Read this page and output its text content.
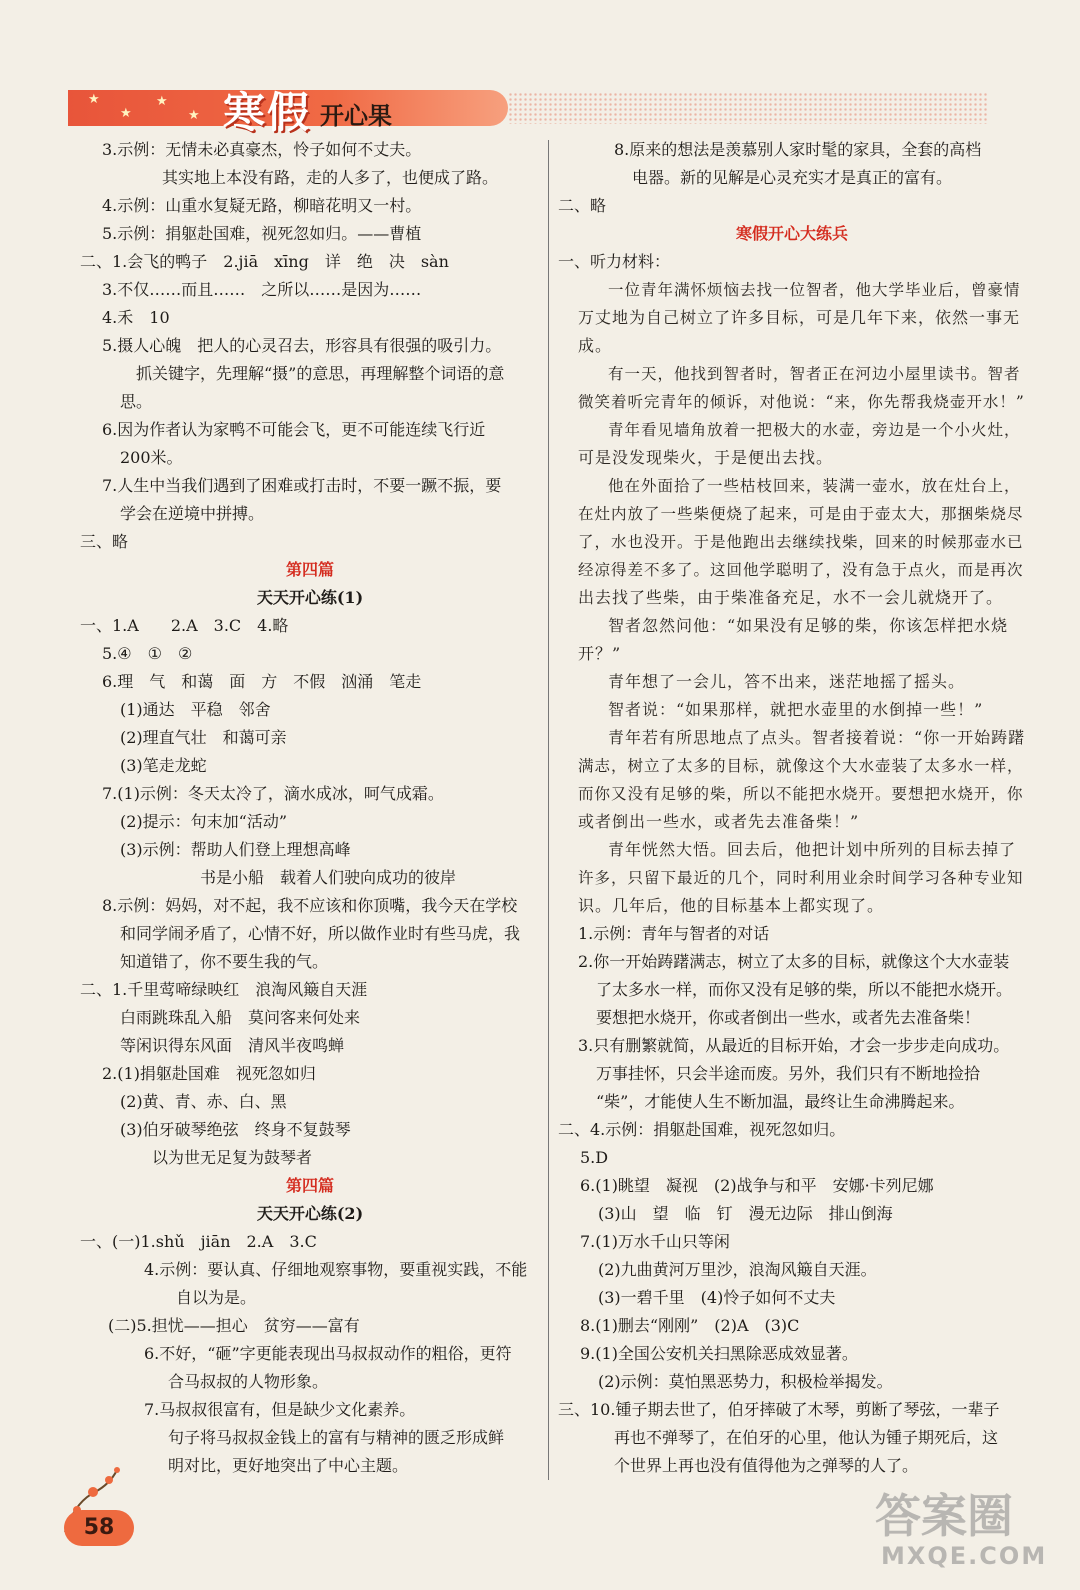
★
★
★
★ 寒假 开心果
3.示例：无情未必真豪杰，怜子如何不丈夫。
其实地上本没有路，走的人多了，也便成了路。
4.示例：山重水复疑无路，柳暗花明又一村。
5.示例：捐躯赴国难，视死忽如归。——曹植
二、1.会飞的鸭子　2.jiā　xīng　详　绝　决　sàn
3.不仅……而且……　之所以……是因为……
4.禾　10
5.摄人心魄　把人的心灵召去，形容具有很强的吸引力。
抓关键字，先理解“摄”的意思，再理解整个词语的意
思。
6.因为作者认为家鸭不可能会飞，更不可能连续飞行近
200米。
7.人生中当我们遇到了困难或打击时，不要一蹶不振，要
学会在逆境中拼搏。
三、略
第四篇
天天开心练(1)
一、1.A　　2.A　3.C　4.略
5.④　①　②
6.理　气　和蔼　面　方　不假　汹涌　笔走
(1)通达　平稳　邻舍
(2)理直气壮　和蔼可亲
(3)笔走龙蛇
7.(1)示例：冬天太冷了，滴水成冰，呵气成霜。
(2)提示：句末加“活动”
(3)示例：帮助人们登上理想高峰
书是小船　载着人们驶向成功的彼岸
8.示例：妈妈，对不起，我不应该和你顶嘴，我今天在学校
和同学闹矛盾了，心情不好，所以做作业时有些马虎，我
知道错了，你不要生我的气。
二、1.千里莺啼绿映红　浪淘风簸自天涯
白雨跳珠乱入船　莫问客来何处来
等闲识得东风面　清风半夜鸣蝉
2.(1)捐躯赴国难　视死忽如归
(2)黄、青、赤、白、黑
(3)伯牙破琴绝弦　终身不复鼓琴
以为世无足复为鼓琴者
第四篇
天天开心练(2)
一、(一)1.shǔ　jiān　2.A　3.C
4.示例：要认真、仔细地观察事物，要重视实践，不能
自以为是。
(二)5.担忧——担心　贫穷——富有
6.不好，“砸”字更能表现出马叔叔动作的粗俗，更符
合马叔叔的人物形象。
7.马叔叔很富有，但是缺少文化素养。
句子将马叔叔金钱上的富有与精神的匮乏形成鲜
明对比，更好地突出了中心主题。
8.原来的想法是羡慕别人家时髦的家具，全套的高档
电器。新的见解是心灵充实才是真正的富有。
二、略
寒假开心大练兵
一、听力材料：
一位青年满怀烦恼去找一位智者，他大学毕业后，曾豪情
万丈地为自己树立了许多目标，可是几年下来，依然一事无
成。
有一天，他找到智者时，智者正在河边小屋里读书。智者
微笑着听完青年的倾诉，对他说：“来，你先帮我烧壶开水！”
青年看见墙角放着一把极大的水壶，旁边是一个小火灶，
可是没发现柴火，于是便出去找。
他在外面拾了一些枯枝回来，装满一壶水，放在灶台上，
在灶内放了一些柴便烧了起来，可是由于壶太大，那捆柴烧尽
了，水也没开。于是他跑出去继续找柴，回来的时候那壶水已
经凉得差不多了。这回他学聪明了，没有急于点火，而是再次
出去找了些柴，由于柴准备充足，水不一会儿就烧开了。
智者忽然问他：“如果没有足够的柴，你该怎样把水烧
开？”
青年想了一会儿，答不出来，迷茫地摇了摇头。
智者说：“如果那样，就把水壶里的水倒掉一些！”
青年若有所思地点了点头。智者接着说：“你一开始踌躇
满志，树立了太多的目标，就像这个大水壶装了太多水一样，
而你又没有足够的柴，所以不能把水烧开。要想把水烧开，你
或者倒出一些水，或者先去准备柴！”
青年恍然大悟。回去后，他把计划中所列的目标去掉了
许多，只留下最近的几个，同时利用业余时间学习各种专业知
识。几年后，他的目标基本上都实现了。
1.示例：青年与智者的对话
2.你一开始踌躇满志，树立了太多的目标，就像这个大水壶装
了太多水一样，而你又没有足够的柴，所以不能把水烧开。
要想把水烧开，你或者倒出一些水，或者先去准备柴！
3.只有删繁就简，从最近的目标开始，才会一步步走向成功。
万事挂怀，只会半途而废。另外，我们只有不断地捡拾
“柴”，才能使人生不断加温，最终让生命沸腾起来。
二、4.示例：捐躯赴国难，视死忽如归。
5.D
6.(1)眺望　凝视　(2)战争与和平　安娜·卡列尼娜
(3)山　望　临　钉　漫无边际　排山倒海
7.(1)万水千山只等闲
(2)九曲黄河万里沙，浪淘风簸自天涯。
(3)一碧千里　(4)怜子如何不丈夫
8.(1)删去“刚刚”　(2)A　(3)C
9.(1)全国公安机关扫黑除恶成效显著。
(2)示例：莫怕黑恶势力，积极检举揭发。
三、10.锺子期去世了，伯牙摔破了木琴，剪断了琴弦，一辈子
再也不弹琴了，在伯牙的心里，他认为锺子期死后，这
个世界上再也没有值得他为之弹琴的人了。
58	答案圈
MXQE.COM
